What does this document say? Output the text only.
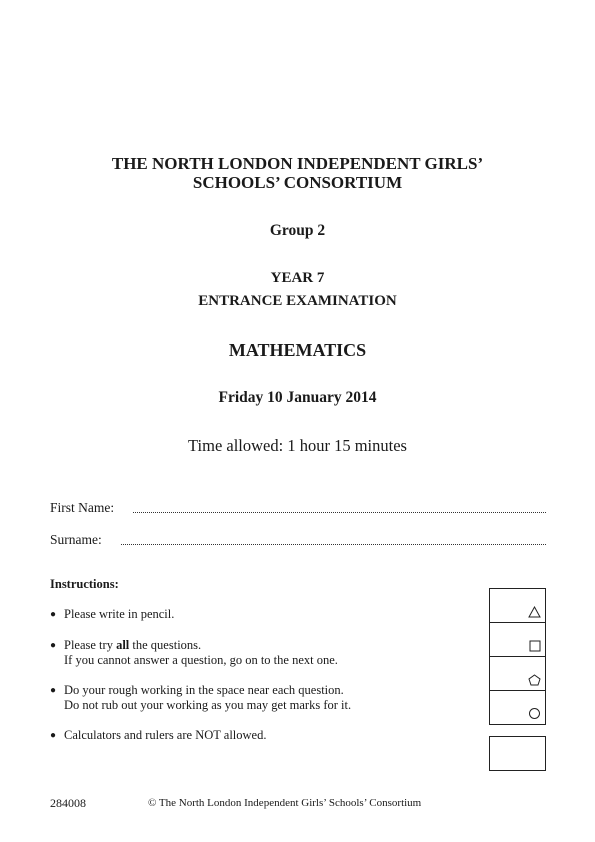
THE NORTH LONDON INDEPENDENT GIRLS’
SCHOOLS’ CONSORTIUM
Group 2
YEAR 7
ENTRANCE EXAMINATION
MATHEMATICS
Friday 10 January 2014
Time allowed: 1 hour 15 minutes
First Name:
Surname:
Instructions:
● Please write in pencil.
● Please try all the questions.
If you cannot answer a question, go on to the next one.
● Do your rough working in the space near each question.
Do not rub out your working as you may get marks for it.
● Calculators and rulers are NOT allowed.
284008	© The North London Independent Girls’ Schools’ Consortium
